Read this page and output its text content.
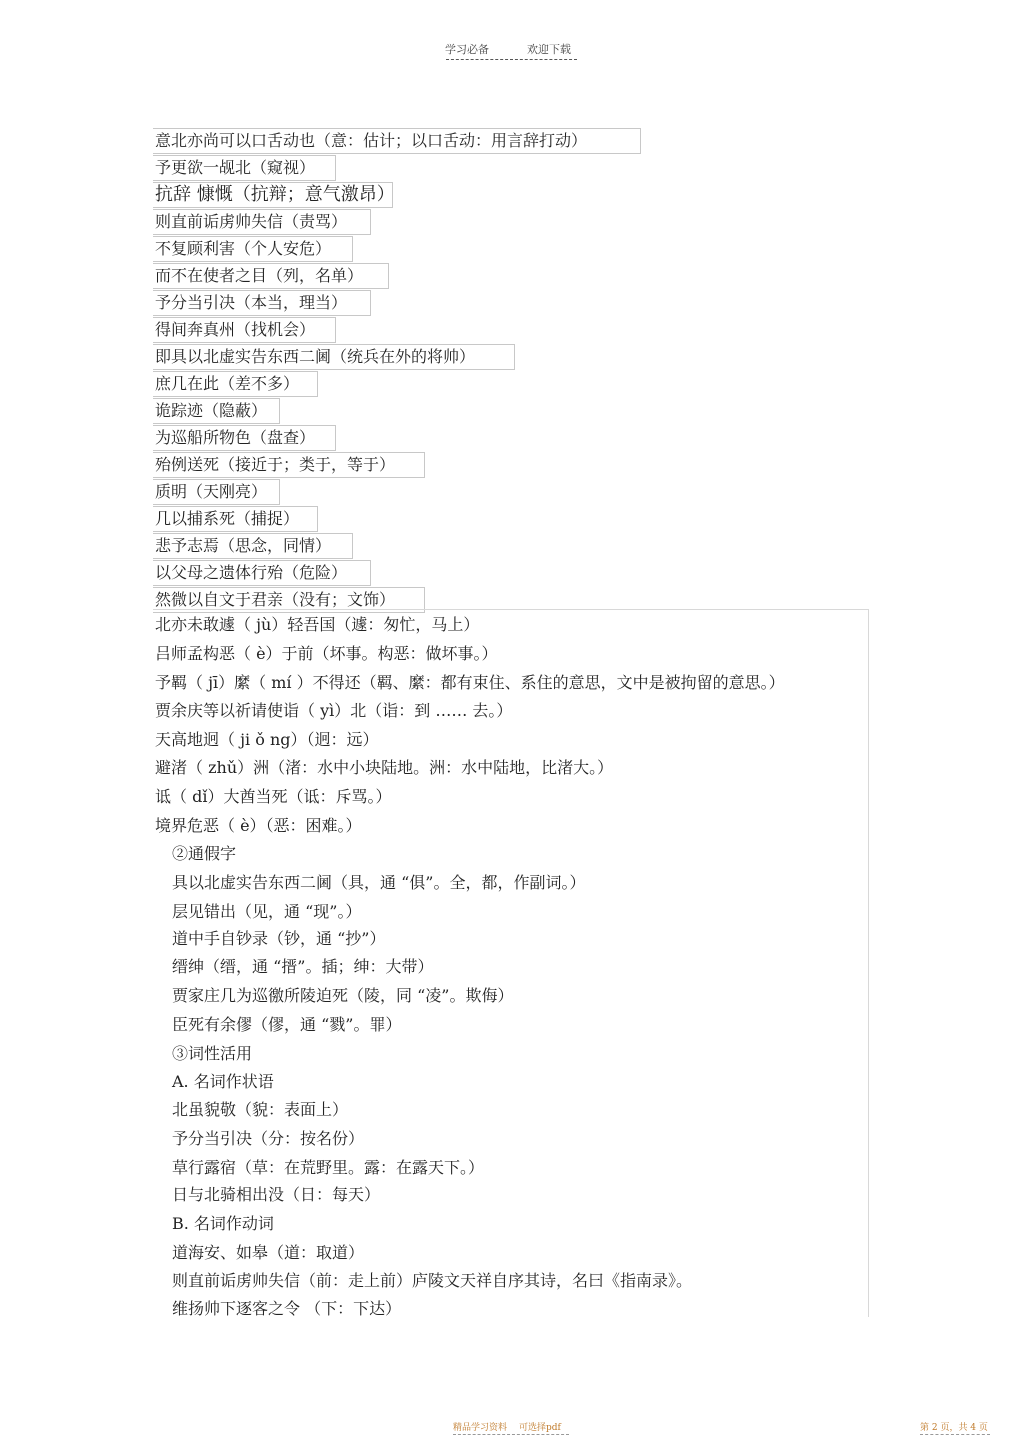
学习必备	欢迎下载
意北亦尚可以口舌动也（意：估计；以口舌动：用言辞打动）
予更欲一觇北（窥视）
抗辞 慷慨（抗辩；意气激昂）
则直前诟虏帅失信（责骂）
不复顾利害（个人安危）
而不在使者之目（列，名单）
予分当引决（本当，理当）
得间奔真州（找机会）
即具以北虚实告东西二阃（统兵在外的将帅）
庶几在此（差不多）
诡踪迹（隐蔽）
为巡船所物色（盘查）
殆例送死（接近于；类于，等于）
质明（天刚亮）
几以捕系死（捕捉）
悲予志焉（思念，同情）
以父母之遗体行殆（危险）
然微以自文于君亲（没有；文饰）
北亦未敢遽（ jù）轻吾国（遽：匆忙，马上）
吕师孟构恶（ è）于前（坏事。构恶：做坏事。）
予羁（ jī）縻（ mí ）不得还（羁、縻：都有束住、系住的意思，文中是被拘留的意思。）
贾余庆等以祈请使诣（ yì）北（诣：到 …… 去。）
天高地迥（ ji ǒ ng）（迥：远）
避渚（ zhǔ）洲（渚：水中小块陆地。洲：水中陆地，比渚大。）
诋（ dǐ）大酋当死（诋：斥骂。）
境界危恶（ è）（恶：困难。）
②通假字
具以北虚实告东西二阃（具，通 “俱”。全，都，作副词。）
层见错出（见，通 “现”。）
道中手自钞录（钞，通 “抄”）
缙绅（缙，通 “搢”。插；绅：大带）
贾家庄几为巡徼所陵迫死（陵，同 “凌”。欺侮）
臣死有余僇（僇，通 “戮”。罪）
③词性活用
A. 名词作状语
北虽貌敬（貌：表面上）
予分当引决（分：按名份）
草行露宿（草：在荒野里。露：在露天下。）
日与北骑相出没（日：每天）
B. 名词作动词
道海安、如皋（道：取道）
则直前诟虏帅失信（前：走上前）庐陵文天祥自序其诗，名曰《指南录》。
维扬帅下逐客之令 （下：下达）
精品学习资料 可选择pdf	第 2 页，共 4 页
